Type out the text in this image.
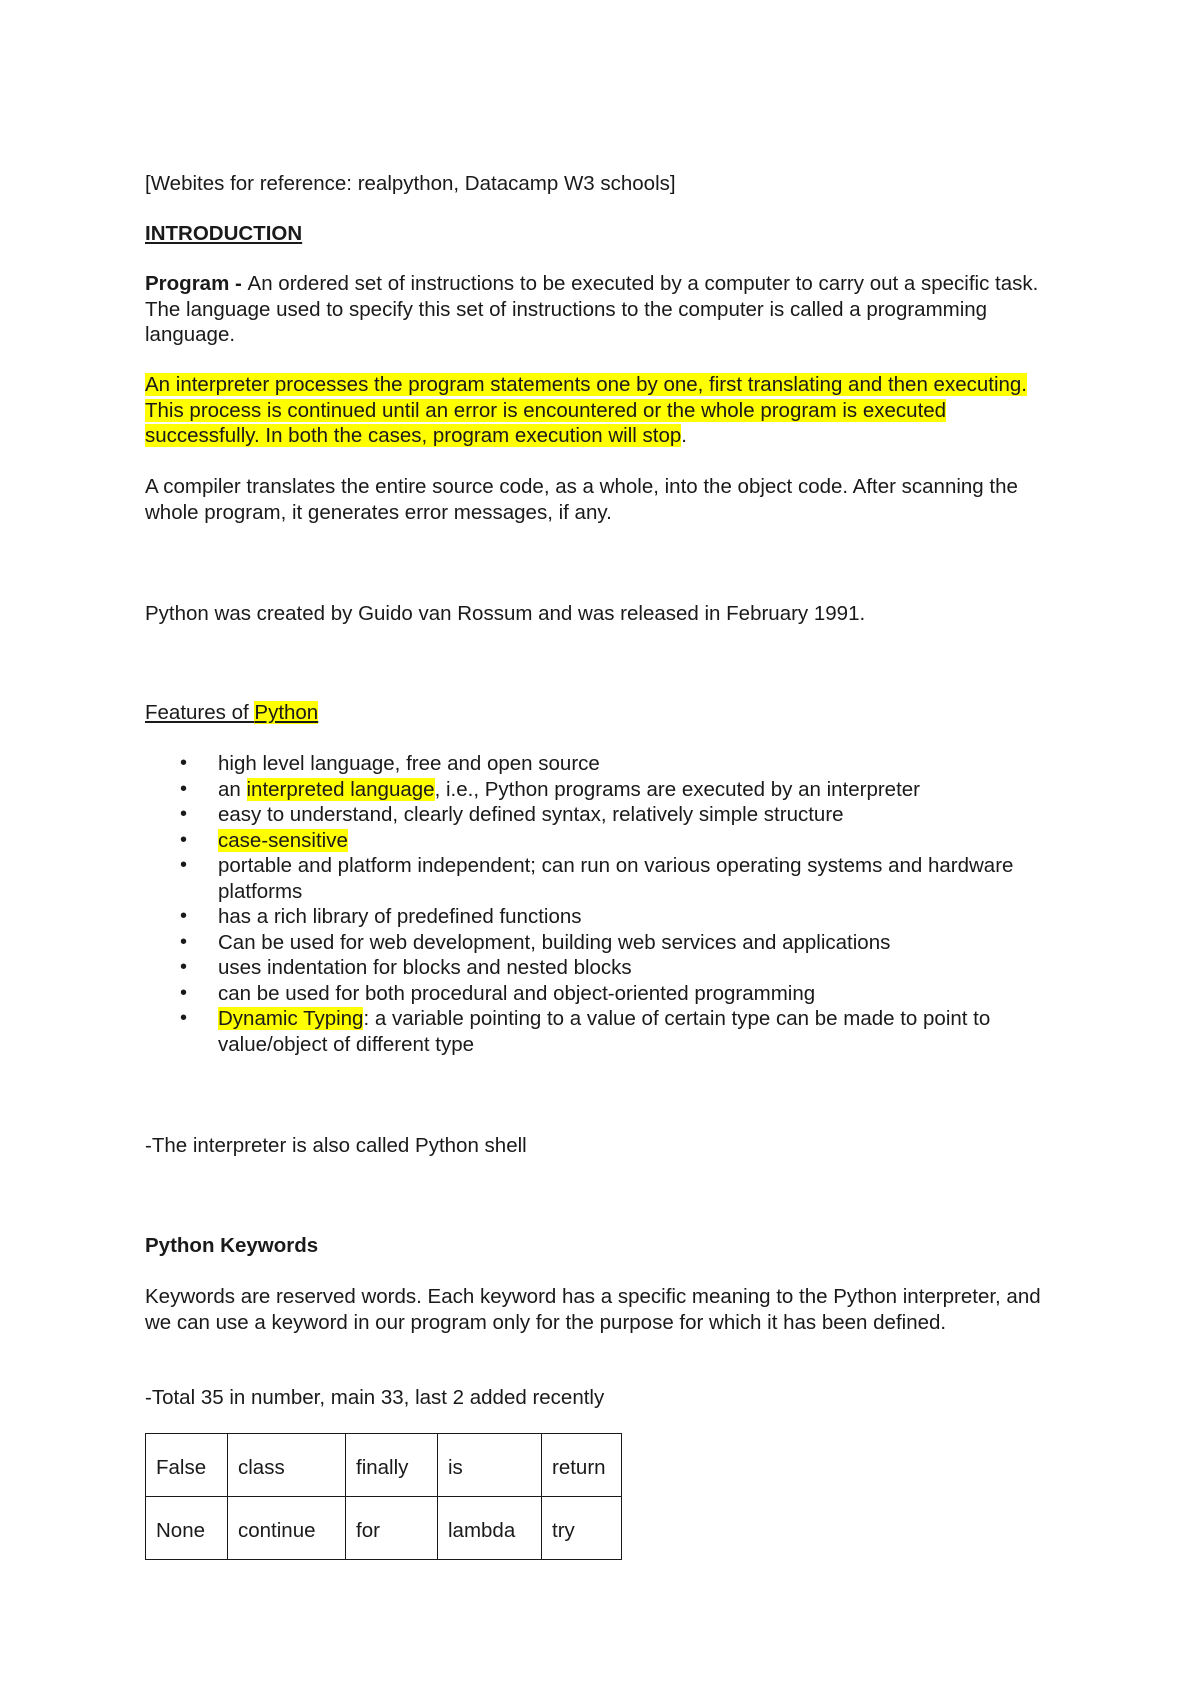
[Webites for reference: realpython, Datacamp W3 schools]

INTRODUCTION

Program - An ordered set of instructions to be executed by a computer to carry out a specific task. The language used to specify this set of instructions to the computer is called a programming language.

An interpreter processes the program statements one by one, first translating and then executing. This process is continued until an error is encountered or the whole program is executed successfully. In both the cases, program execution will stop.

A compiler translates the entire source code, as a whole, into the object code. After scanning the whole program, it generates error messages, if any.

Python was created by Guido van Rossum and was released in February 1991.

Features of Python

• high level language, free and open source
• an interpreted language, i.e., Python programs are executed by an interpreter
• easy to understand, clearly defined syntax, relatively simple structure
• case-sensitive
• portable and platform independent; can run on various operating systems and hardware platforms
• has a rich library of predefined functions
• Can be used for web development, building web services and applications
• uses indentation for blocks and nested blocks
• can be used for both procedural and object-oriented programming
• Dynamic Typing: a variable pointing to a value of certain type can be made to point to value/object of different type

-The interpreter is also called Python shell

Python Keywords

Keywords are reserved words. Each keyword has a specific meaning to the Python interpreter, and we can use a keyword in our program only for the purpose for which it has been defined.

-Total 35 in number, main 33, last 2 added recently

False	class	finally	is	return
None	continue	for	lambda	try
